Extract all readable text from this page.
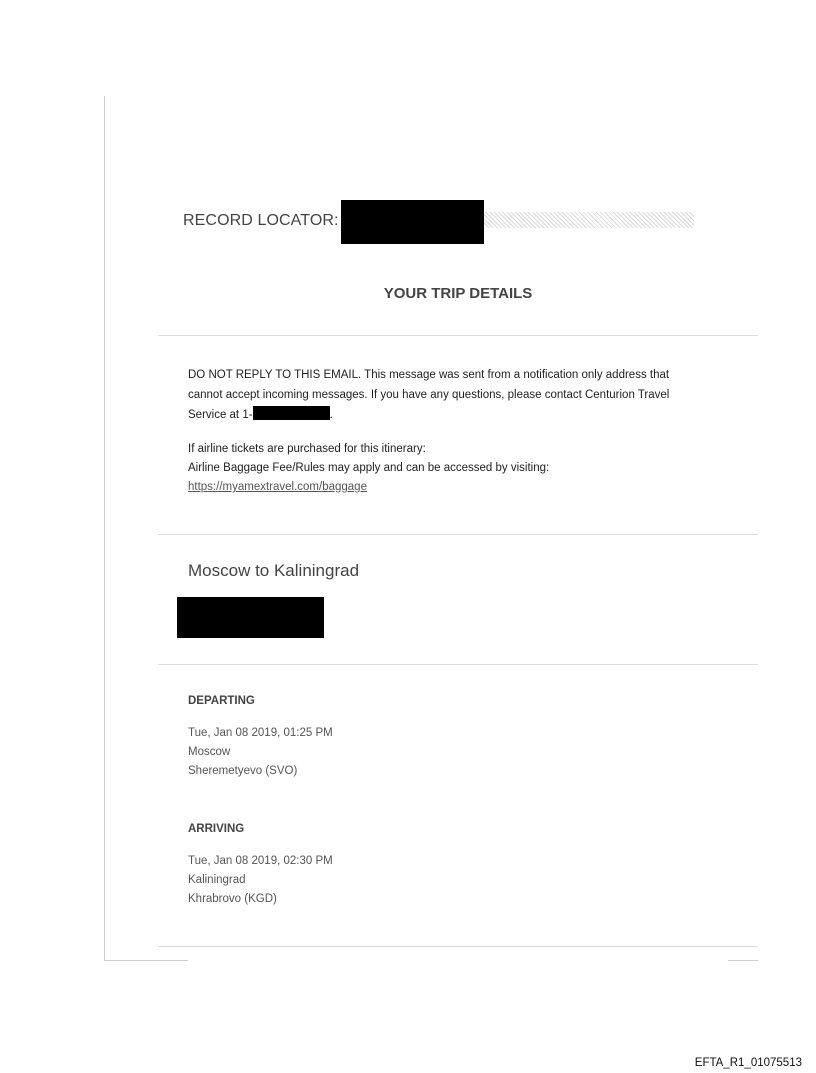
RECORD LOCATOR:
YOUR TRIP DETAILS

DO NOT REPLY TO THIS EMAIL. This message was sent from a notification only address that

cannot accept incoming messages. If you have any questions, please contact Centurion Travel

Service at 1-	.

If airline tickets are purchased for this itinerary:

Airline Baggage Fee/Rules may apply and can be accessed by visiting:

https://myamextravel.com/baggage

Moscow to Kaliningrad
DEPARTING
Tue, Jan 08 2019, 01:25 PM
Moscow
Sheremetyevo (SVO)
ARRIVING
Tue, Jan 08 2019, 02:30 PM
Kaliningrad
Khrabrovo (KGD)
EFTA_R1_01075513
